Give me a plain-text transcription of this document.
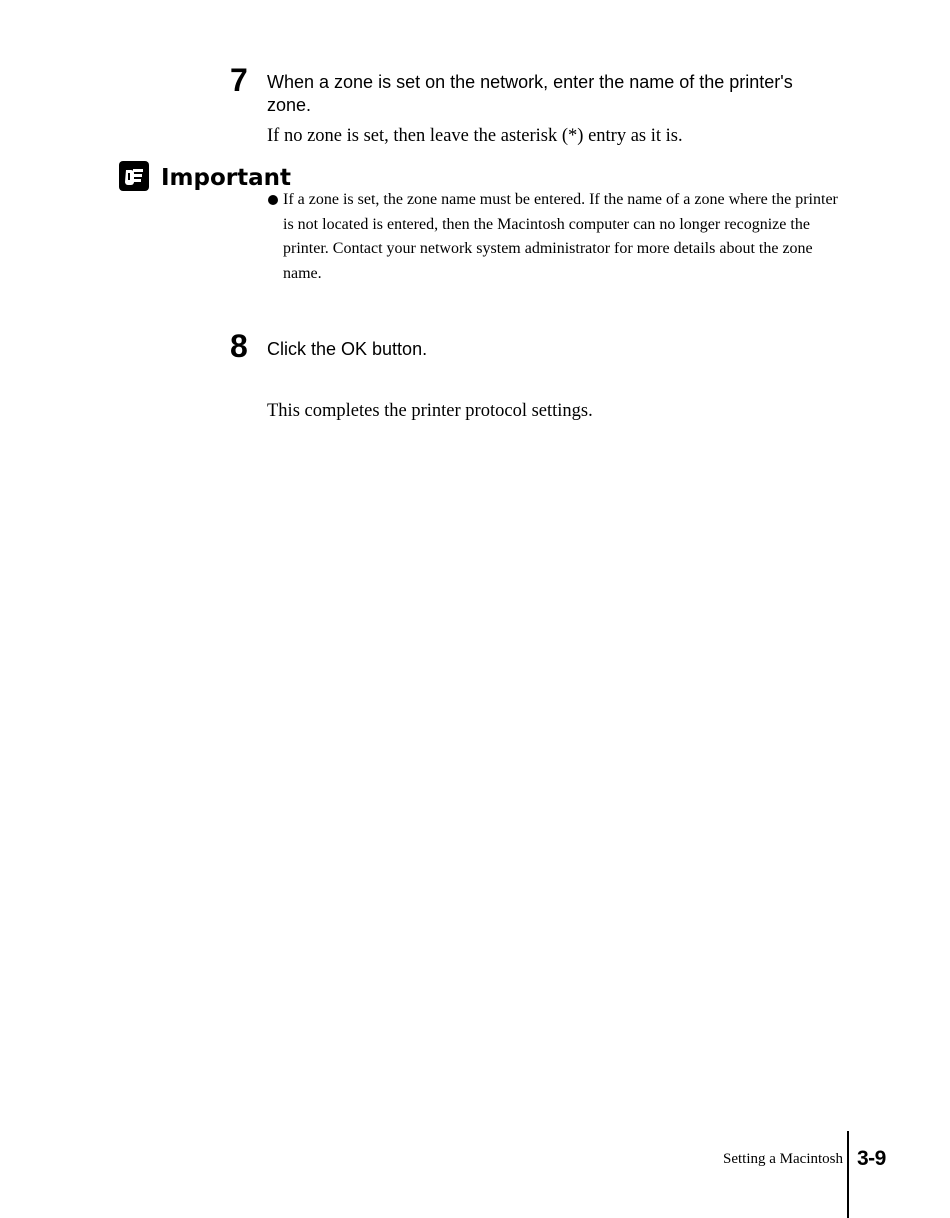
7 When a zone is set on the network, enter the name of the printer's zone.
If no zone is set, then leave the asterisk (*) entry as it is.
Important
If a zone is set, the zone name must be entered. If the name of a zone where the printer is not located is entered, then the Macintosh computer can no longer recognize the printer. Contact your network system administrator for more details about the zone name.
8 Click the OK button.
This completes the printer protocol settings.
Setting a Macintosh 3-9
